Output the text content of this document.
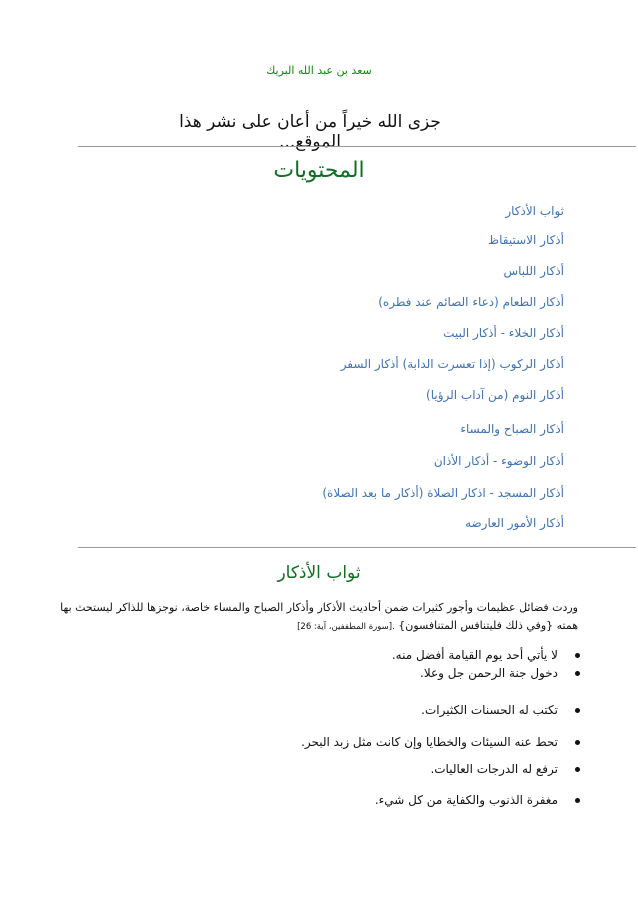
سعد بن عبد الله البريك
جزى الله خيراً من أعان على نشر هذا الموقع...
المحتويات
ثواب الأذكار
أذكار الاستيقاظ
أذكار اللباس
أذكار الطعام (دعاء الصائم عند فطره)
أذكار الخلاء - أذكار البيت
أذكار الركوب (إذا تعسرت الدابة) أذكار السفر
أذكار النوم (من آداب الرؤيا)
أذكار الصباح والمساء
أذكار الوضوء - أذكار الأذان
أذكار المسجد - اذكار الصلاة (أذكار ما بعد الصلاة)
أذكار الأمور العارضه
ثواب الأذكار
وردت فضائل عظيمات وأجور كثيرات ضمن أحاديث الأذكار وأذكار الصباح والمساء خاصة، نوجزها للذاكر ليستحث بها
همته {وفي ذلك فليتنافس المتنافسون} .[سورة المطففين، آية: 26]
لا يأتي أحد يوم القيامة أفضل منه.
دخول جنة الرحمن جل وعلا.
تكتب له الحسنات الكثيرات.
تحط عنه السيئات والخطايا وإن كانت مثل زبد البحر.
ترفع له الدرجات العاليات.
مغفرة الذنوب والكفاية من كل شيء.
